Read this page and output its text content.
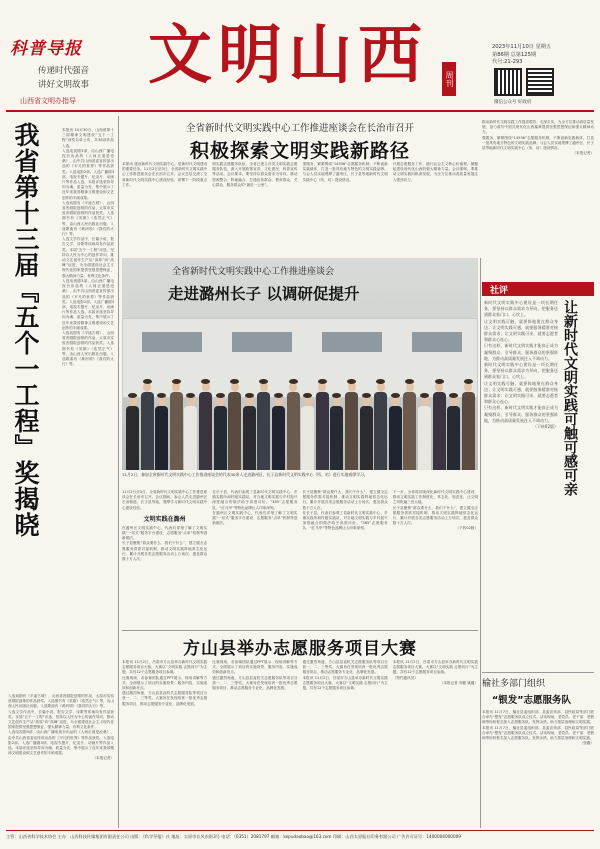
科普导报
传递时代强音
讲好文明故事
山西省文明办指导
文明山西	周刊
2023年11月10日 星期五
第86期 总第125期
代号:21-293
微信公众号 好政府
我省第十三届『五个一工程』奖揭晓	本报讯 10月30日，山西省第十三届精神文明建设“五个一工程”获奖名单公布，共36部作品入选。

入选电视剧3部，由山西广播电视台出品的《人间正道是沧桑》、由中共山西省委宣传部出品的《平凡的世界》等作品获奖。入选电影2部。入选广播剧3部，电视专题片、纪录片、动画片等作品入选。本届评选坚持导向为魂、质量为先，集中展示了近年来我省精神文明建设和文艺创作的丰硕成果。

入选戏剧有《平遥古城》、山西省晋剧院创排的作品，太原市实验晋剧院创排的作品获奖。入选图书有《英雄》《浩然正气》等，由山西人民出版社出版。入选歌曲有《黄河颂》《我们的太行》等。

入选文学作品中，长篇小说、报告文学、诗歌等体裁均有作品获奖。本届“五个一工程”评选，坚持以人民为中心的创作导向，推动文艺创作生产从“高原”向“高峰”迈进，为全面建设社会主义现代化国家提供坚强思想保证、强大精神力量、有利文化条件。

入选电视剧3部，由山西广播电视台出品的《人间正道是沧桑》、由中共山西省委宣传部出品的《平凡的世界》等作品获奖。入选电影2部。入选广播剧3部，电视专题片、纪录片、动画片等作品入选。本届评选坚持导向为魂、质量为先，集中展示了近年来我省精神文明建设和文艺创作的丰硕成果。

入选戏剧有《平遥古城》、山西省晋剧院创排的作品，太原市实验晋剧院创排的作品获奖。入选图书有《英雄》《浩然正气》等，由山西人民出版社出版。入选歌曲有《黄河颂》《我们的太行》等。

入选戏剧有《平遥古城》、山西省晋剧院创排的作品，太原市实验晋剧院创排的作品获奖。入选图书有《英雄》《浩然正气》等，由山西人民出版社出版。入选歌曲有《黄河颂》《我们的太行》等。

入选文学作品中，长篇小说、报告文学、诗歌等体裁均有作品获奖。本届“五个一工程”评选，坚持以人民为中心的创作导向，推动文艺创作生产从“高原”向“高峰”迈进，为全面建设社会主义现代化国家提供坚强思想保证、强大精神力量、有利文化条件。

入选电视剧3部，由山西广播电视台出品的《人间正道是沧桑》、由中共山西省委宣传部出品的《平凡的世界》等作品获奖。入选电影2部。入选广播剧3部，电视专题片、纪录片、动画片等作品入选。本届评选坚持导向为魂、质量为先，集中展示了近年来我省精神文明建设和文艺创作的丰硕成果。

（本报记者）

全省新时代文明实践中心工作推进座谈会在长治市召开
积极探索文明实践新路径
本报讯 建设新时代文明实践中心，是新时代文明建设的重要任务。11月2日至3日，全省新时代文明实践中心工作推进座谈会在长治市召开。会议总结交流了全省新时代文明实践中心建设经验，部署下一阶段重点工作。
明实践志愿服务队伍，全省已建立各类文明实践志愿服务队伍，深入开展政策宣讲、文化惠民、科普宣传等活动。会议要求，要坚持以群众需求为导向，推动资源整合、阵地融合，打通宣传群众、教育群众、关心群众、服务群众的“最后一公里”。
强服务，紧紧围绕“14536”志愿服务机制，不断创新实践载体，打造一批具有地方特色的文明实践品牌。与会人员实地观摩了潞州区、长子县等地新时代文明实践中心（所、站）建设情况。
开展志愿服务工作，践行社会主义核心价值观，凝聚起建设现代化山西的强大精神力量。会议强调，要推动文明实践向纵深发展，为全方位推动高质量发展注入强劲动力。

推动新时代文明实践工作提质增效、走深走实，为全方位推动高质量发展、奋力谱写中国式现代化山西篇章提供坚强思想保证和强大精神动力。

强服务，紧紧围绕“14536”志愿服务机制，不断创新实践载体，打造一批具有地方特色的文明实践品牌。与会人员实地观摩了潞州区、长子县等地新时代文明实践中心（所、站）建设情况。

（本报记者）

全省新时代文明实践中心工作推进座谈会
走进潞州长子 以调研促提升
11月2日，参加全省新时代文明实践中心工作推进座谈会的代表30余人走进潞州区、长子县新时代文明实践中心（所、站）进行实地观摩学习。

11月2日至3日，全省新时代文明实践中心工作推进座谈会在长治市召开。会议期间，参会人员走进潞州区长治街道、长子县等地，观摩学习新时代文明实践中心建设经验。

文明实践在潞州

在潞州区文明实践中心，代表们详细了解了文明实践“一站式”服务平台建设、志愿服务“点单”机制等创新做法。

长子县聚焦“群众要什么、我们干什么”，建立健全志愿服务供需对接机制，推动文明实践阵地常态化运行，累计开展各类志愿服务活动上万场次，惠及群众数十万人次。

在长子县，代表们参观了县新时代文明实践中心、乡镇实践所和村级实践站，对当地文明实践与乡村振兴深度融合的做法给予高度评价。“365”志愿服务队、“红马甲”等特色品牌让人印象深刻。

在潞州区文明实践中心，代表们详细了解了文明实践“一站式”服务平台建设、志愿服务“点单”机制等创新做法。

长子县聚焦“群众要什么、我们干什么”，建立健全志愿服务供需对接机制，推动文明实践阵地常态化运行，累计开展各类志愿服务活动上万场次，惠及群众数十万人次。

在长子县，代表们参观了县新时代文明实践中心、乡镇实践所和村级实践站，对当地文明实践与乡村振兴深度融合的做法给予高度评价。“365”志愿服务队、“红马甲”等特色品牌让人印象深刻。

下一步，全省将持续深化新时代文明实践中心建设，推动文明实践工作制度化、常态化、规范化，让文明之风吹遍三晋大地。

长子县聚焦“群众要什么、我们干什么”，建立健全志愿服务供需对接机制，推动文明实践阵地常态化运行，累计开展各类志愿服务活动上万场次，惠及群众数十万人次。

（下转02版）

方山县举办志愿服务项目大赛

本报讯 11月2日，吕梁市方山县举办新时代文明实践志愿服务项目大赛。大赛以“文明实践 志愿同行”为主题，共有12个志愿服务项目参赛。

比赛现场，各参赛团队通过PPT展示、现场讲解等方式，全面展示了项目的实施背景、服务内容、实施成效和创新亮点。

通过激烈角逐，方山县县直机关志愿服务队等项目分获一、二、三等奖。大赛旨在发现培育一批优秀志愿服务项目，推动志愿服务专业化、品牌化发展。

比赛现场，各参赛团队通过PPT展示、现场讲解等方式，全面展示了项目的实施背景、服务内容、实施成效和创新亮点。

通过激烈角逐，方山县县直机关志愿服务队等项目分获一、二、三等奖。大赛旨在发现培育一批优秀志愿服务项目，推动志愿服务专业化、品牌化发展。

通过激烈角逐，方山县县直机关志愿服务队等项目分获一、二、三等奖。大赛旨在发现培育一批优秀志愿服务项目，推动志愿服务专业化、品牌化发展。

本报讯 11月2日，吕梁市方山县举办新时代文明实践志愿服务项目大赛。大赛以“文明实践 志愿同行”为主题，共有12个志愿服务项目参赛。

本报讯 11月2日，吕梁市方山县举办新时代文明实践志愿服务项目大赛。大赛以“文明实践 志愿同行”为主题，共有12个志愿服务项目参赛。

（特约通讯员）

（本报记者 刘健 姚璐）

社评

新时代文明实践中心建设是一项长期任务，要坚持以群众需求为导向，把服务送到群众家门口、心坎上。

让文明实践可触，就要阵地建在群众身边；让文明实践可感，就要服务精准对接群众需求；让文明实践可亲，就要志愿者和群众心连心。

只有这样，新时代文明实践才能真正成为凝聚群众、引导群众、服务群众的坚强阵地，为推动高质量发展注入不竭动力。

新时代文明实践中心建设是一项长期任务，要坚持以群众需求为导向，把服务送到群众家门口、心坎上。

让文明实践可触，就要阵地建在群众身边；让文明实践可感，就要服务精准对接群众需求；让文明实践可亲，就要志愿者和群众心连心。

只有这样，新时代文明实践才能真正成为凝聚群众、引导群众、服务群众的坚强阵地，为推动高质量发展注入不竭动力。

（下转02版） 让新时代文明实践可触可感可亲
榆社多部门组织
“银发”志愿服务队

本报讯 11月7日，榆社县委组织部、县委宣传部、县民政局等部门联合举办“银发”志愿服务队成立仪式。活动现场，老党员、老干部、老教师等纷纷报名加入志愿服务队，发挥余热，助力基层治理和文明实践。

本报讯 11月7日，榆社县委组织部、县委宣传部、县民政局等部门联合举办“银发”志愿服务队成立仪式。活动现场，老党员、老干部、老教师等纷纷报名加入志愿服务队，发挥余热，助力基层治理和文明实践。

（张鑫）

主管：山西省科学技术协会 主办：山西科技传媒集团有限责任公司 出版：《科学导报》社 地址：太原市长风东街3号 电话：（0351）2081797 邮箱：kepudaobao@163.com 印刷：山西太原报社印务有限公司 广告许可证号：1400004000009
